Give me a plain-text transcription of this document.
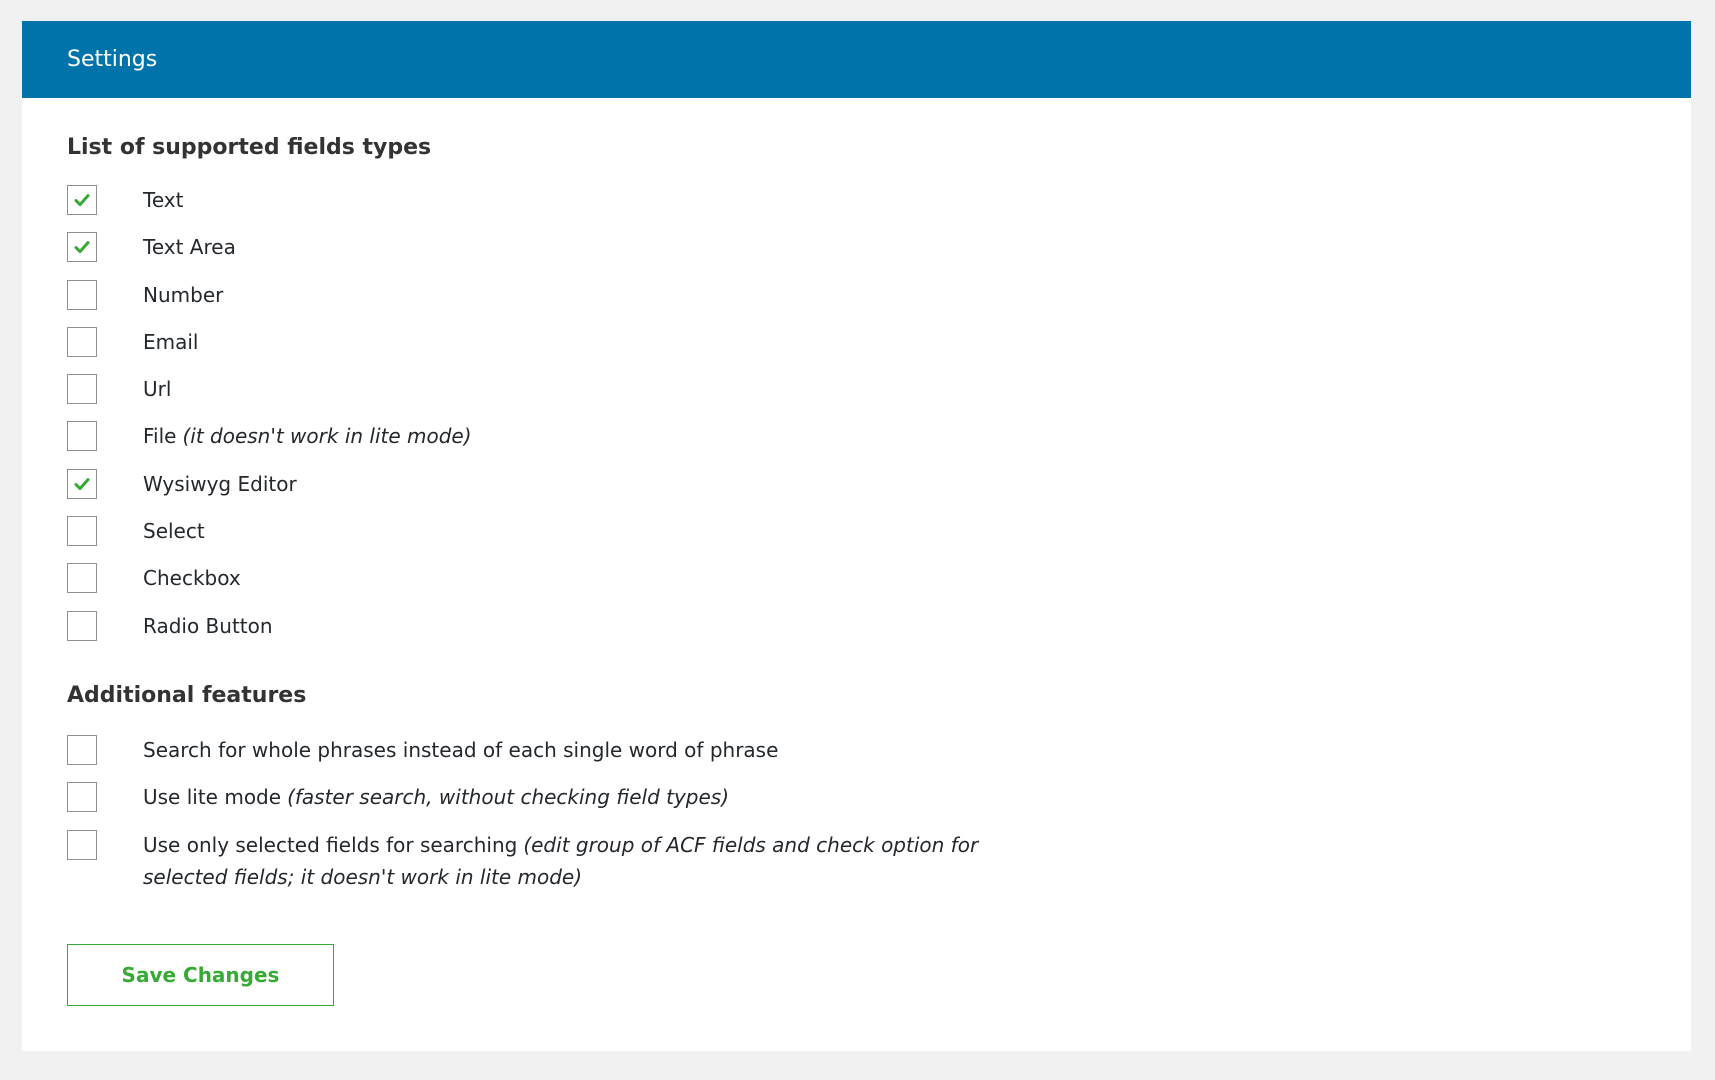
Settings
List of supported fields types
Text
Text Area
Number
Email
Url
File (it doesn't work in lite mode)
Wysiwyg Editor
Select
Checkbox
Radio Button
Additional features
Search for whole phrases instead of each single word of phrase
Use lite mode (faster search, without checking field types)
Use only selected fields for searching (edit group of ACF fields and check option for selected fields; it doesn't work in lite mode)
Save Changes
